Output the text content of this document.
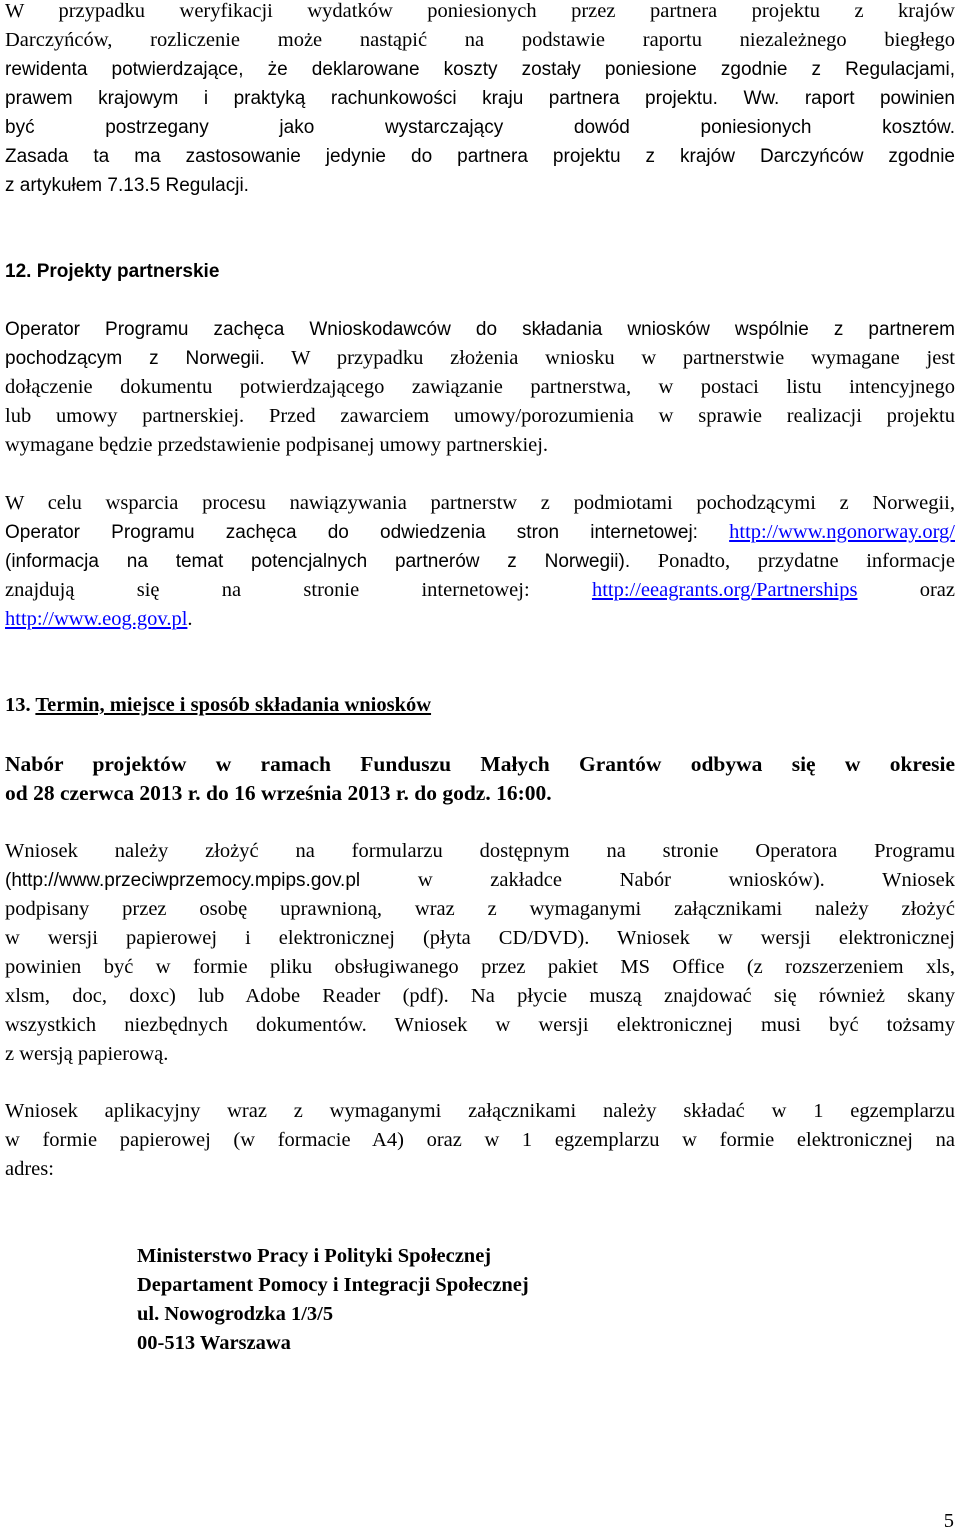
W przypadku weryfikacji wydatków poniesionych przez partnera projektu z krajów
Darczyńców, rozliczenie może nastąpić na podstawie raportu niezależnego biegłego
rewidenta potwierdzające, że deklarowane koszty zostały poniesione zgodnie z Regulacjami,
prawem krajowym i praktyką rachunkowości kraju partnera projektu. Ww. raport powinien
być postrzegany jako wystarczający dowód poniesionych kosztów.
Zasada ta ma zastosowanie jedynie do partnera projektu z krajów Darczyńców zgodnie
z artykułem 7.13.5 Regulacji.
12. Projekty partnerskie
Operator Programu zachęca Wnioskodawców do składania wniosków wspólnie z partnerem
pochodzącym z Norwegii. W przypadku złożenia wniosku w partnerstwie wymagane jest
dołączenie dokumentu potwierdzającego zawiązanie partnerstwa, w postaci listu intencyjnego
lub umowy partnerskiej. Przed zawarciem umowy/porozumienia w sprawie realizacji projektu
wymagane będzie przedstawienie podpisanej umowy partnerskiej.
W celu wsparcia procesu nawiązywania partnerstw z podmiotami pochodzącymi z Norwegii,
Operator Programu zachęca do odwiedzenia stron internetowej: http://www.ngonorway.org/
(informacja na temat potencjalnych partnerów z Norwegii). Ponadto, przydatne informacje
znajdują się na stronie internetowej: http://eeagrants.org/Partnerships oraz
http://www.eog.gov.pl.
13. Termin, miejsce i sposób składania wniosków
Nabór projektów w ramach Funduszu Małych Grantów odbywa się w okresie
od 28 czerwca 2013 r. do 16 września 2013 r. do godz. 16:00.
Wniosek należy złożyć na formularzu dostępnym na stronie Operatora Programu
(http://www.przeciwprzemocy.mpips.gov.pl w zakładce Nabór wniosków). Wniosek
podpisany przez osobę uprawnioną, wraz z wymaganymi załącznikami należy złożyć
w wersji papierowej i elektronicznej (płyta CD/DVD). Wniosek w wersji elektronicznej
powinien być w formie pliku obsługiwanego przez pakiet MS Office (z rozszerzeniem xls,
xlsm, doc, doxc) lub Adobe Reader (pdf). Na płycie muszą znajdować się również skany
wszystkich niezbędnych dokumentów. Wniosek w wersji elektronicznej musi być tożsamy
z wersją papierową.
Wniosek aplikacyjny wraz z wymaganymi załącznikami należy składać w 1 egzemplarzu
w formie papierowej (w formacie A4) oraz w 1 egzemplarzu w formie elektronicznej na
adres:
Ministerstwo Pracy i Polityki Społecznej
Departament Pomocy i Integracji Społecznej
ul. Nowogrodzka 1/3/5
00-513 Warszawa
5
